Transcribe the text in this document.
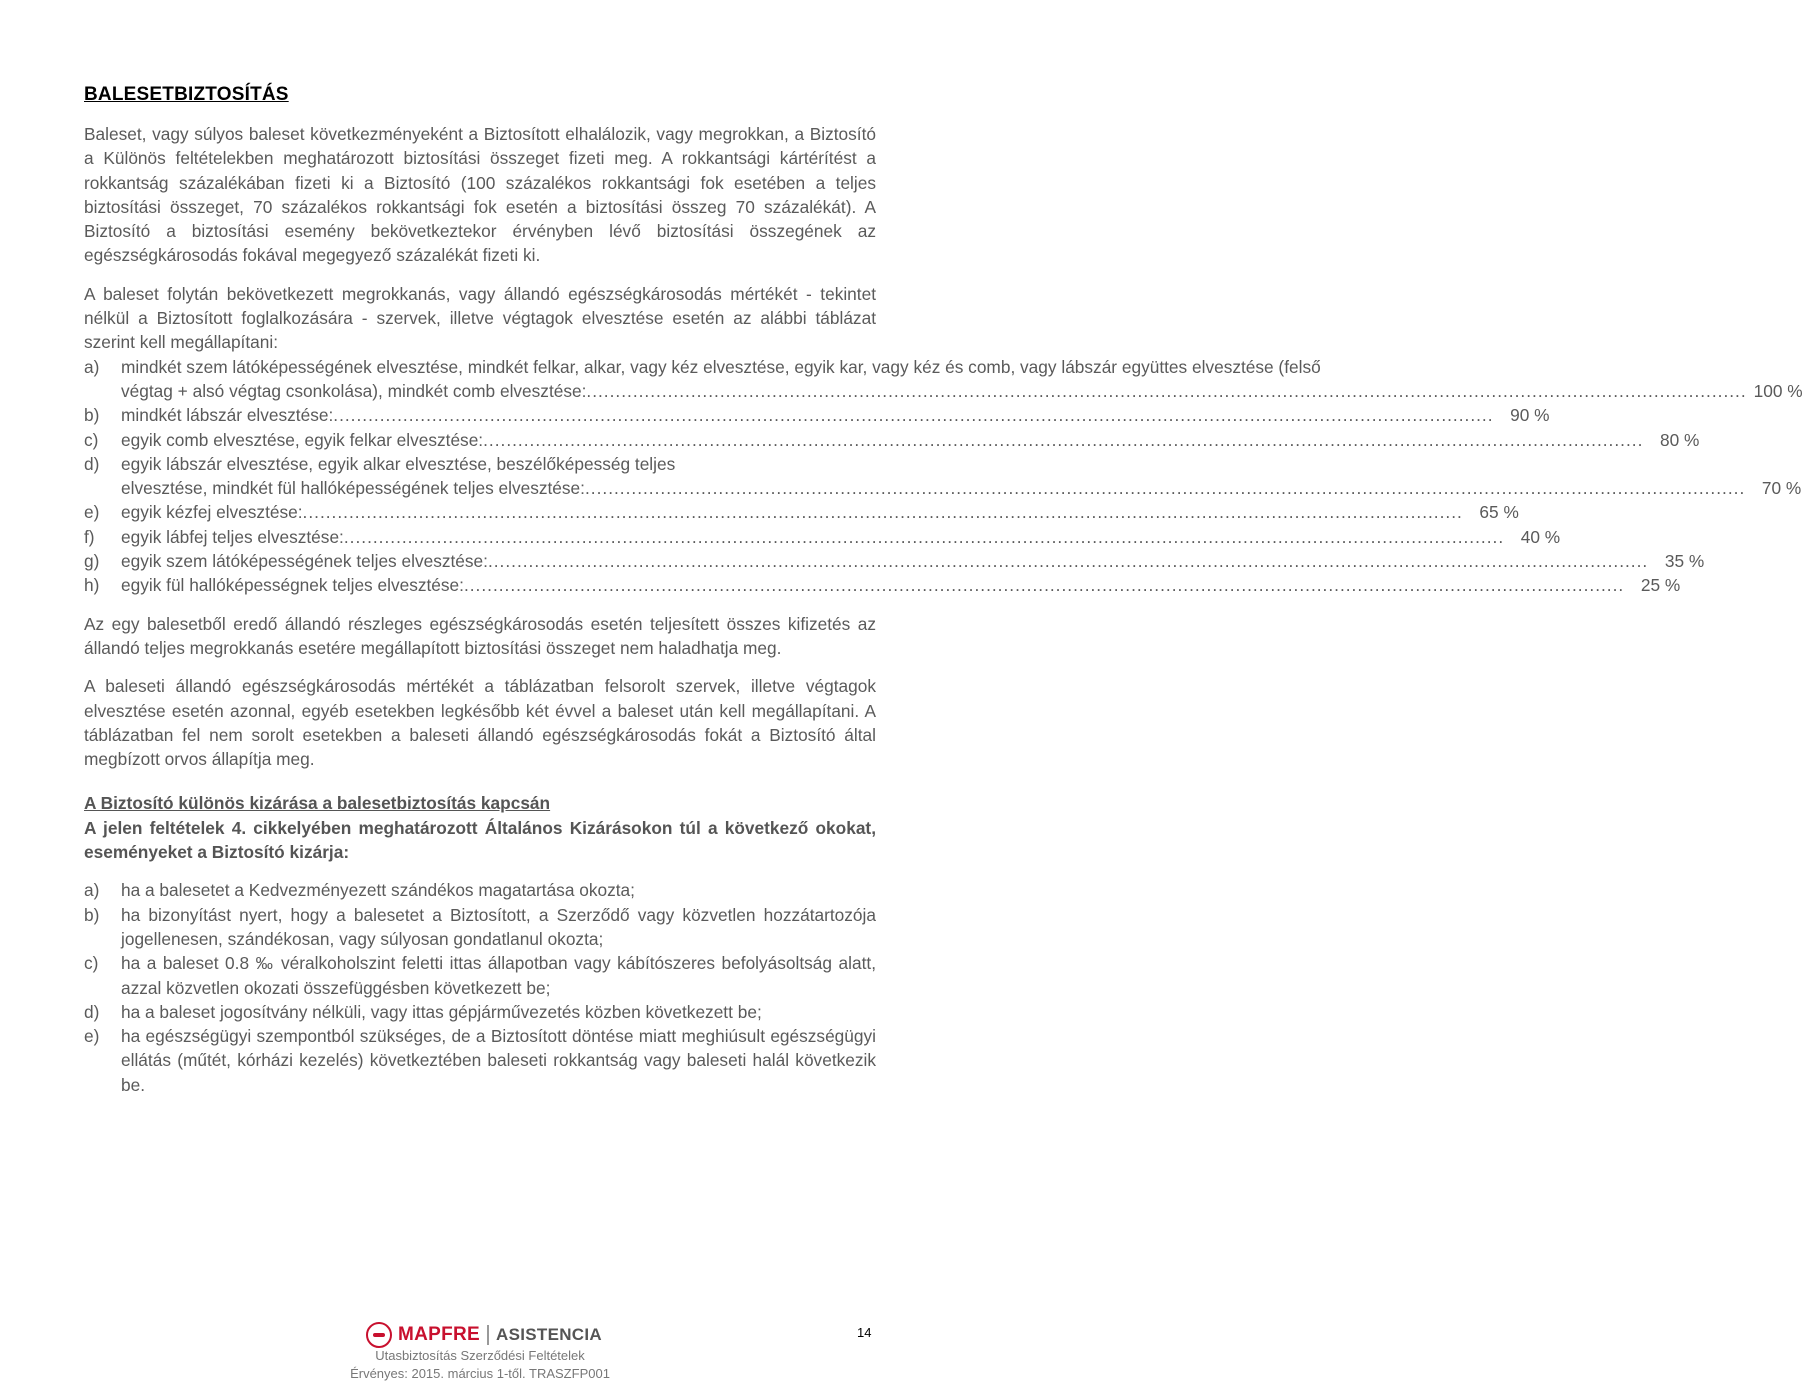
BALESETBIZTOSÍTÁS

Baleset, vagy súlyos baleset következményeként a Biztosított elhalálozik, vagy megrokkan, a Biztosító a Különös feltételekben meghatározott biztosítási összeget fizeti meg. A rokkantsági kártérítést a rokkantság százalékában fizeti ki a Biztosító (100 százalékos rokkantsági fok esetében a teljes biztosítási összeget, 70 százalékos rokkantsági fok esetén a biztosítási összeg 70 százalékát). A Biztosító a biztosítási esemény bekövetkeztekor érvényben lévő biztosítási összegének az egészségkárosodás fokával megegyező százalékát fizeti ki.

A baleset folytán bekövetkezett megrokkanás, vagy állandó egészségkárosodás mértékét - tekintet nélkül a Biztosított foglalkozására - szervek, illetve végtagok elvesztése esetén az alábbi táblázat szerint kell megállapítani:

a)	mindkét szem látóképességének elvesztése, mindkét felkar, alkar, vagy kéz elvesztése, egyik kar, vagy kéz és comb, vagy lábszár együttes elvesztése (felső
végtag + alsó végtag csonkolása), mindkét comb elvesztése: .....	100 %
b)	mindkét lábszár elvesztése: .....	90 %
c)	egyik comb elvesztése, egyik felkar elvesztése: .....	80 %
d)	egyik lábszár elvesztése, egyik alkar elvesztése, beszélőképesség teljes
elvesztése, mindkét fül hallóképességének teljes elvesztése: .....	70 %
e)	egyik kézfej elvesztése: .....	65 %
f)	egyik lábfej teljes elvesztése: .....	40 %
g)	egyik szem látóképességének teljes elvesztése: .....	35 %
h)	egyik fül hallóképességnek teljes elvesztése: .....	25 %

Az egy balesetből eredő állandó részleges egészségkárosodás esetén teljesített összes kifizetés az állandó teljes megrokkanás esetére megállapított biztosítási összeget nem haladhatja meg.

A baleseti állandó egészségkárosodás mértékét a táblázatban felsorolt szervek, illetve végtagok elvesztése esetén azonnal, egyéb esetekben legkésőbb két évvel a baleset után kell megállapítani. A táblázatban fel nem sorolt esetekben a baleseti állandó egészségkárosodás fokát a Biztosító által megbízott orvos állapítja meg.

A Biztosító különös kizárása a balesetbiztosítás kapcsán

A jelen feltételek 4. cikkelyében meghatározott Általános Kizárásokon túl a következő okokat, eseményeket a Biztosító kizárja:

a)	ha a balesetet a Kedvezményezett szándékos magatartása okozta;
b)	ha bizonyítást nyert, hogy a balesetet a Biztosított, a Szerződő vagy közvetlen hozzátartozója jogellenesen, szándékosan, vagy súlyosan gondatlanul okozta;
c)	ha a baleset 0.8 ‰ véralkoholszint feletti ittas állapotban vagy kábítószeres befolyásoltság alatt, azzal közvetlen okozati összefüggésben következett be;
d)	ha a baleset jogosítvány nélküli, vagy ittas gépjárművezetés közben következett be;
e)	ha egészségügyi szempontból szükséges, de a Biztosított döntése miatt meghiúsult egészségügyi ellátás (műtét, kórházi kezelés) következtében baleseti rokkantság vagy baleseti halál következik be.
MAPFRE ASISTENCIA	14
Utasbiztosítás Szerződési Feltételek
Érvényes: 2015. március 1-től. TRASZFP001
